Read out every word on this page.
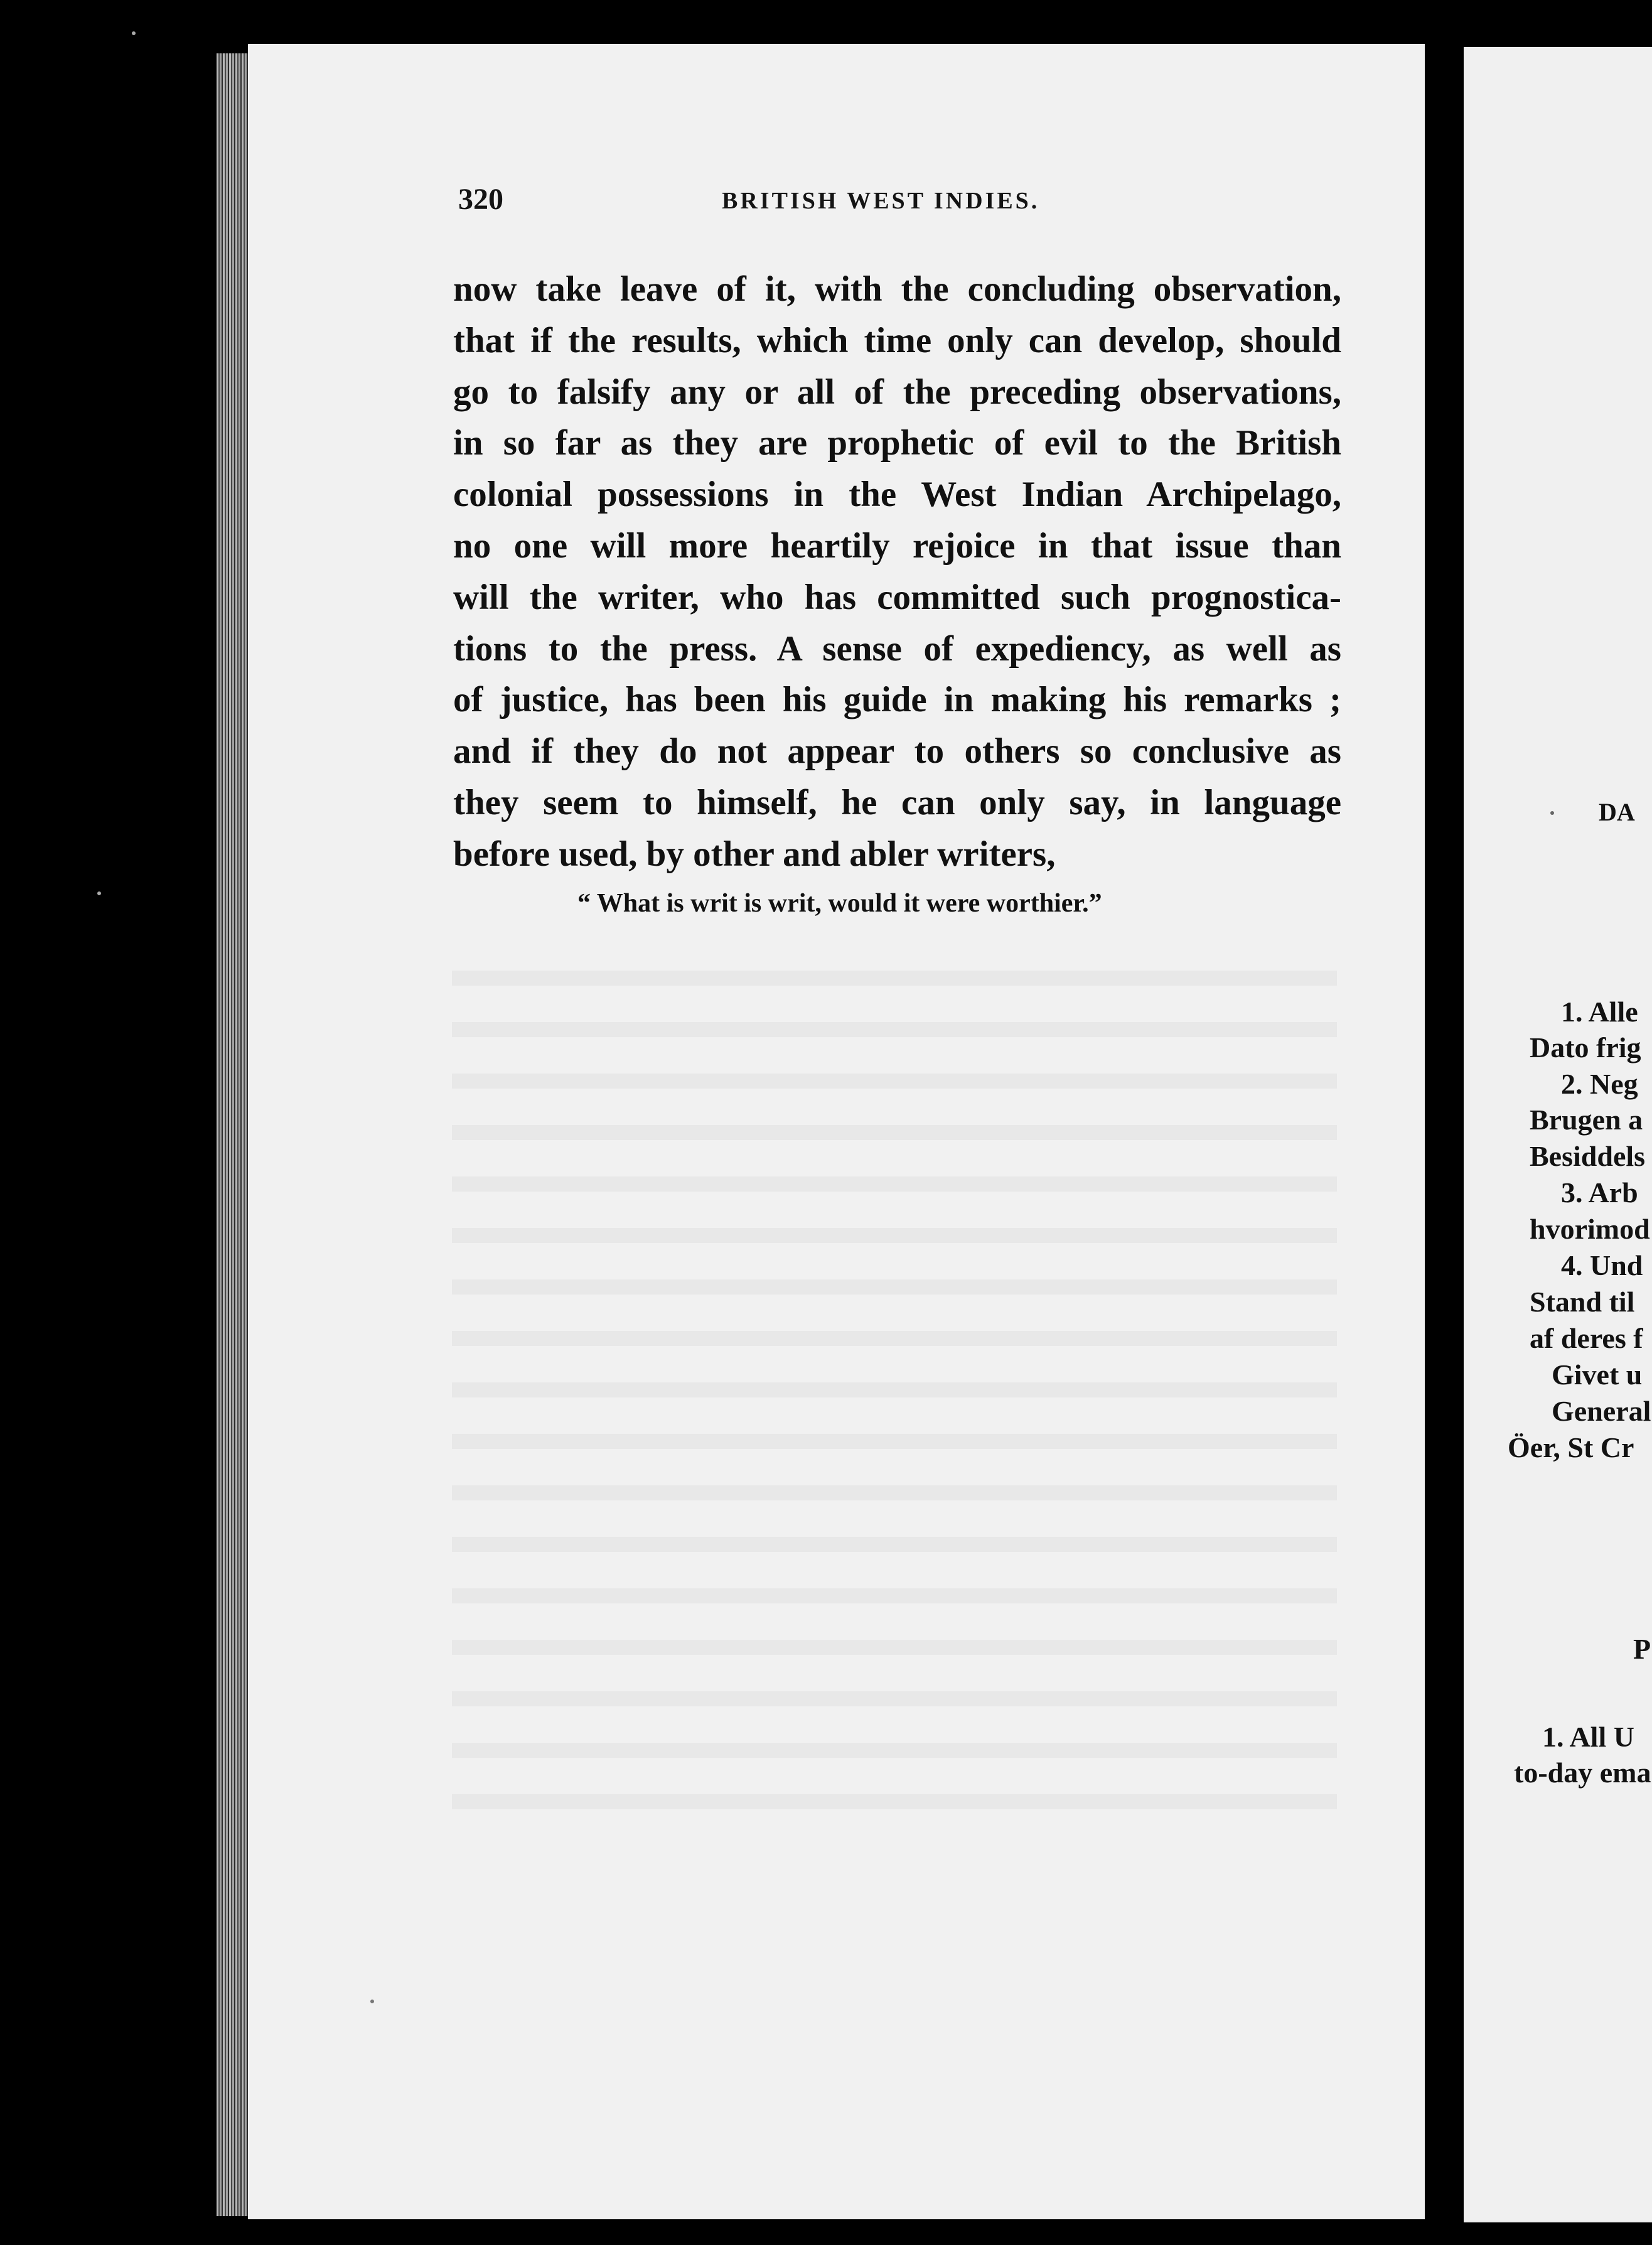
320	BRITISH WEST INDIES.
now take leave of it, with the concluding observation,
that if the results, which time only can develop, should
go to falsify any or all of the preceding observations,
in so far as they are prophetic of evil to the British
colonial possessions in the West Indian Archipelago,
no one will more heartily rejoice in that issue than
will the writer, who has committed such prognostica-
tions to the press. A sense of expediency, as well as
of justice, has been his guide in making his remarks ;
and if they do not appear to others so conclusive as
they seem to himself, he can only say, in language
before used, by other and abler writers,
“ What is writ is writ, would it were worthier.”
DA
1. Alle
Dato frig
2. Neg
Brugen a
Besiddels
3. Arb
hvorimod
4. Und
Stand til
af deres f
Givet u
General
Öer, St Cr
P
1. All U
to-day ema
